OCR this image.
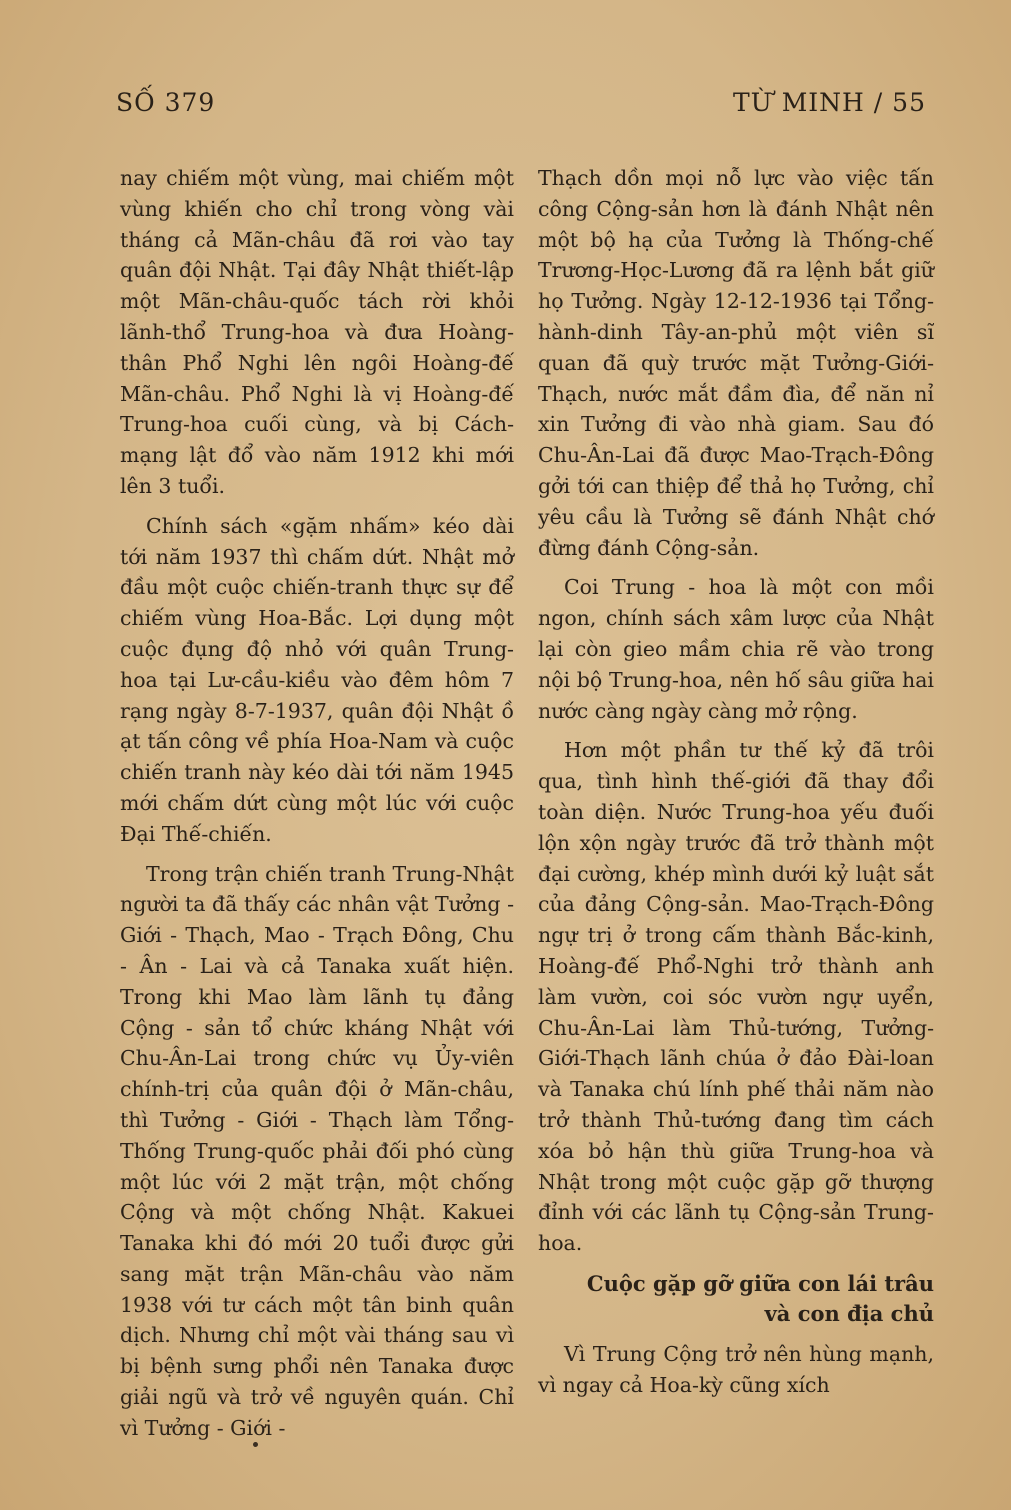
SỐ 379	TỪ MINH / 55

nay chiếm một vùng, mai chiếm một vùng khiến cho chỉ trong vòng vài tháng cả Mãn-châu đã rơi vào tay quân đội Nhật. Tại đây Nhật thiết-lập một Mãn-châu-quốc tách rời khỏi lãnh-thổ Trung-hoa và đưa Hoàng-thân Phổ Nghi lên ngôi Hoàng-đế Mãn-châu. Phổ Nghi là vị Hoàng-đế Trung-hoa cuối cùng, và bị Cách-mạng lật đổ vào năm 1912 khi mới lên 3 tuổi.

Chính sách «gặm nhấm» kéo dài tới năm 1937 thì chấm dứt. Nhật mở đầu một cuộc chiến-tranh thực sự để chiếm vùng Hoa-Bắc. Lợi dụng một cuộc đụng độ nhỏ với quân Trung-hoa tại Lư-cầu-kiều vào đêm hôm 7 rạng ngày 8-7-1937, quân đội Nhật ồ ạt tấn công về phía Hoa-Nam và cuộc chiến tranh này kéo dài tới năm 1945 mới chấm dứt cùng một lúc với cuộc Đại Thế-chiến.

Trong trận chiến tranh Trung-Nhật người ta đã thấy các nhân vật Tưởng - Giới - Thạch, Mao - Trạch Đông, Chu - Ân - Lai và cả Tanaka xuất hiện. Trong khi Mao làm lãnh tụ đảng Cộng - sản tổ chức kháng Nhật với Chu-Ân-Lai trong chức vụ Ủy-viên chính-trị của quân đội ở Mãn-châu, thì Tưởng - Giới - Thạch làm Tổng-Thống Trung-quốc phải đối phó cùng một lúc với 2 mặt trận, một chống Cộng và một chống Nhật. Kakuei Tanaka khi đó mới 20 tuổi được gửi sang mặt trận Mãn-châu vào năm 1938 với tư cách một tân binh quân dịch. Nhưng chỉ một vài tháng sau vì bị bệnh sưng phổi nên Tanaka được giải ngũ và trở về nguyên quán. Chỉ vì Tưởng - Giới -

Thạch dồn mọi nỗ lực vào việc tấn công Cộng-sản hơn là đánh Nhật nên một bộ hạ của Tưởng là Thống-chế Trương-Học-Lương đã ra lệnh bắt giữ họ Tưởng. Ngày 12-12-1936 tại Tổng-hành-dinh Tây-an-phủ một viên sĩ quan đã quỳ trước mặt Tưởng-Giới-Thạch, nước mắt đầm đìa, để năn nỉ xin Tưởng đi vào nhà giam. Sau đó Chu-Ân-Lai đã được Mao-Trạch-Đông gởi tới can thiệp để thả họ Tưởng, chỉ yêu cầu là Tưởng sẽ đánh Nhật chớ đừng đánh Cộng-sản.

Coi Trung - hoa là một con mồi ngon, chính sách xâm lược của Nhật lại còn gieo mầm chia rẽ vào trong nội bộ Trung-hoa, nên hố sâu giữa hai nước càng ngày càng mở rộng.

Hơn một phần tư thế kỷ đã trôi qua, tình hình thế-giới đã thay đổi toàn diện. Nước Trung-hoa yếu đuối lộn xộn ngày trước đã trở thành một đại cường, khép mình dưới kỷ luật sắt của đảng Cộng-sản. Mao-Trạch-Đông ngự trị ở trong cấm thành Bắc-kinh, Hoàng-đế Phổ-Nghi trở thành anh làm vườn, coi sóc vườn ngự uyển, Chu-Ân-Lai làm Thủ-tướng, Tưởng-Giới-Thạch lãnh chúa ở đảo Đài-loan và Tanaka chú lính phế thải năm nào trở thành Thủ-tướng đang tìm cách xóa bỏ hận thù giữa Trung-hoa và Nhật trong một cuộc gặp gỡ thượng đỉnh với các lãnh tụ Cộng-sản Trung-hoa.

Cuộc gặp gỡ giữa con lái trâu và con địa chủ

Vì Trung Cộng trở nên hùng mạnh, vì ngay cả Hoa-kỳ cũng xích
